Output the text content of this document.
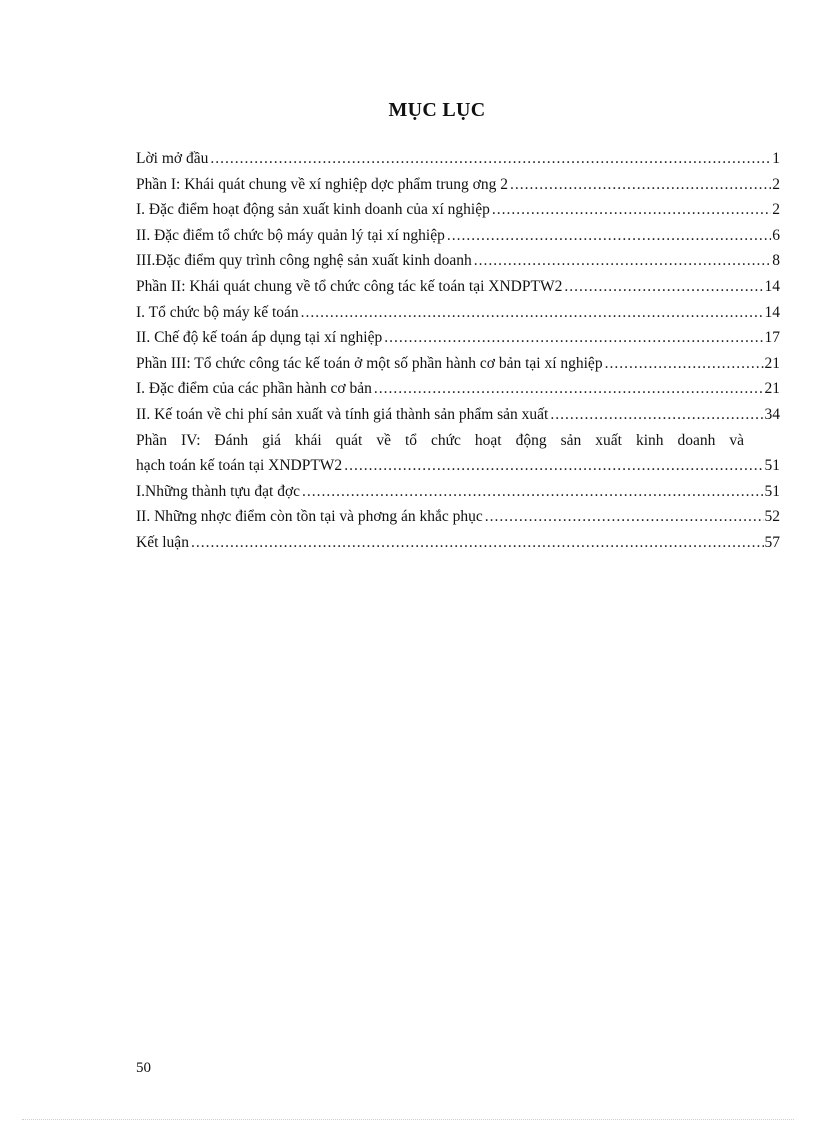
MỤC LỤC
Lời mở đầu .....	1
Phần I: Khái quát chung về xí nghiệp dợc phẩm trung ơng 2 .....	2
I. Đặc điểm hoạt động sản xuất kinh doanh của xí nghiệp .....	2
II. Đặc điểm tổ chức bộ máy quản lý tại xí nghiệp .....	6
III.Đặc điểm quy trình công nghệ sản xuất kinh doanh .....	8
Phần II: Khái quát chung về tổ chức công tác kế toán tại XNDPTW2 .....	14
I. Tổ chức bộ máy kế toán .....	14
II. Chế độ kế toán áp dụng tại xí nghiệp .....	17
Phần III: Tổ chức công tác kế toán ở một số phần hành cơ bản tại xí nghiệp .....	21
I. Đặc điểm của các phần hành cơ bản .....	21
II. Kế toán về chi phí sản xuất và tính giá thành sản phẩm sản xuất .....	34
Phần IV: Đánh giá khái quát về tổ chức hoạt động sản xuất kinh doanh và
hạch toán kế toán tại XNDPTW2 .....	51
I.Những thành tựu đạt đợc .....	51
II. Những nhợc điểm còn tồn tại và phơng án khắc phục .....	52
Kết luận .....	57
50
